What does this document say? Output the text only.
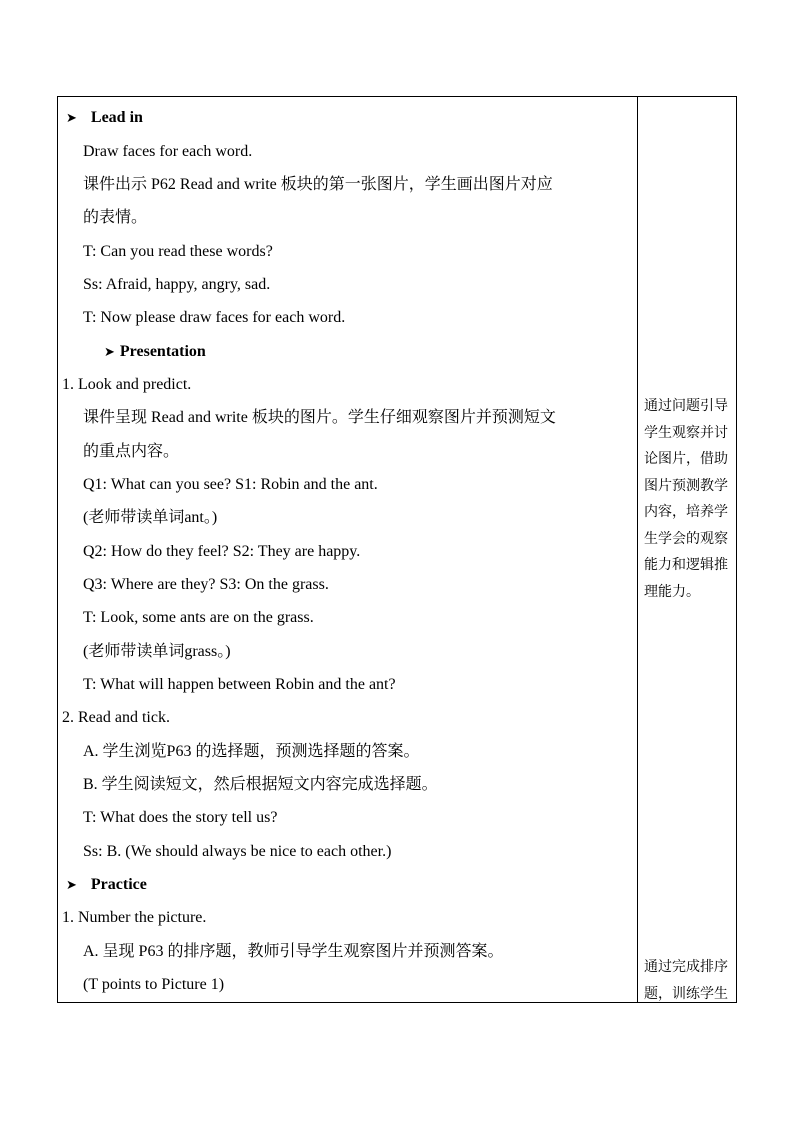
➤ Lead in
Draw faces for each word.
课件出示 P62 Read and write 板块的第一张图片，学生画出图片对应
的表情。
T: Can you read these words?
Ss: Afraid, happy, angry, sad.
T: Now please draw faces for each word.
➤ Presentation
1. Look and predict.
课件呈现 Read and write 板块的图片。学生仔细观察图片并预测短文
的重点内容。
Q1: What can you see? S1: Robin and the ant.
(老师带读单词ant。)
Q2: How do they feel? S2: They are happy.
Q3: Where are they? S3: On the grass.
T: Look, some ants are on the grass.
(老师带读单词grass。)
T: What will happen between Robin and the ant?
2. Read and tick.
A. 学生浏览P63 的选择题，预测选择题的答案。
B. 学生阅读短文，然后根据短文内容完成选择题。
T: What does the story tell us?
Ss: B. (We should always be nice to each other.)
➤ Practice
1. Number the picture.
A. 呈现 P63 的排序题，教师引导学生观察图片并预测答案。
(T points to Picture 1)
通过问题引导
学生观察并讨
论图片，借助
图片预测教学
内容，培养学
生学会的观察
能力和逻辑推
理能力。
通过完成排序
题，训练学生
